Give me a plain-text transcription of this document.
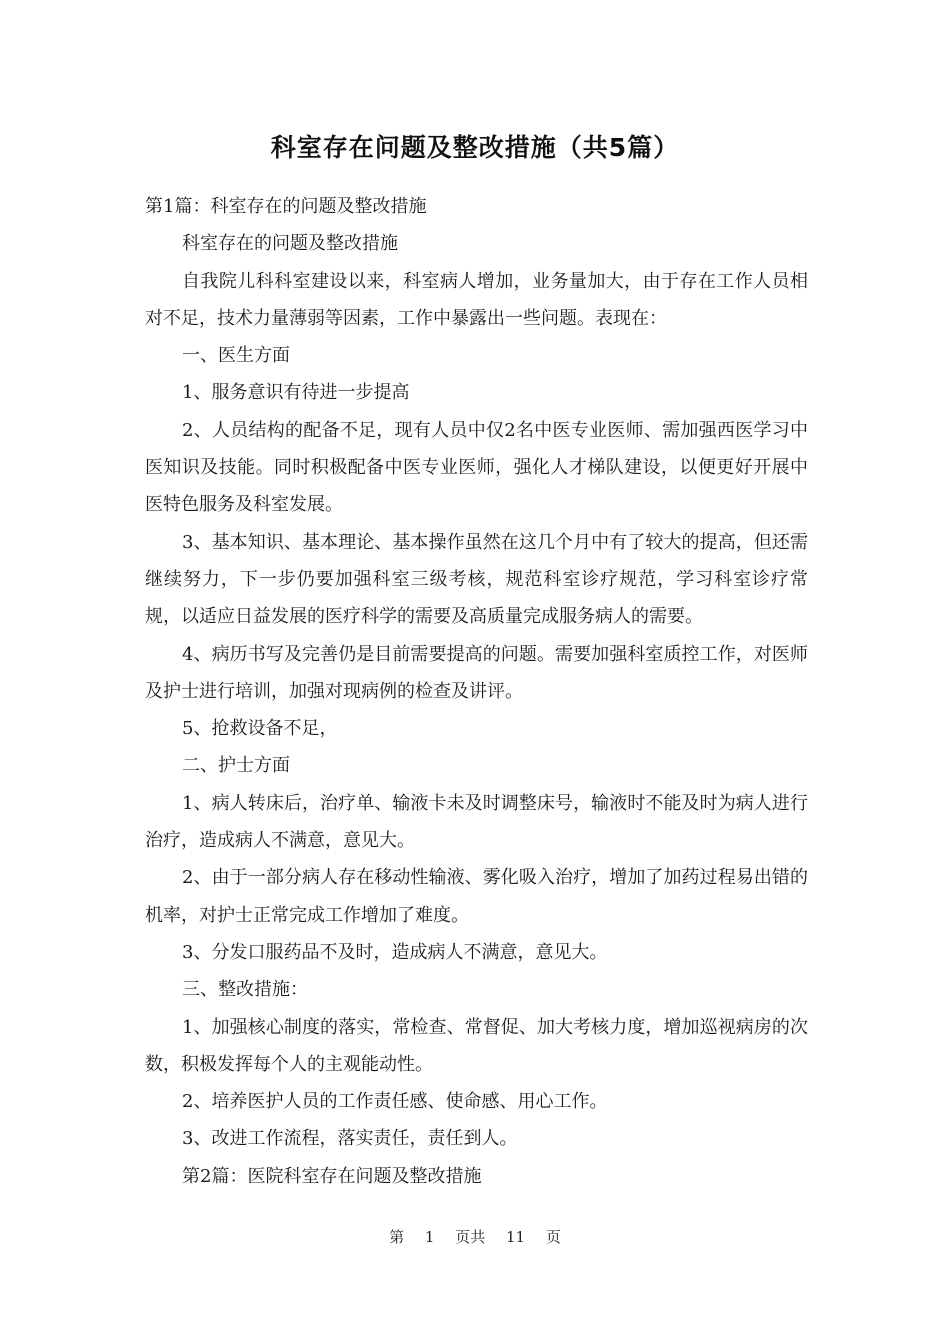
科室存在问题及整改措施（共5篇）

第1篇：科室存在的问题及整改措施

科室存在的问题及整改措施

自我院儿科科室建设以来，科室病人增加，业务量加大，由于存在工作人员相对不足，技术力量薄弱等因素，工作中暴露出一些问题。表现在：

一、医生方面

1、服务意识有待进一步提高

2、人员结构的配备不足，现有人员中仅2名中医专业医师、需加强西医学习中医知识及技能。同时积极配备中医专业医师，强化人才梯队建设，以便更好开展中医特色服务及科室发展。

3、基本知识、基本理论、基本操作虽然在这几个月中有了较大的提高，但还需继续努力，下一步仍要加强科室三级考核，规范科室诊疗规范，学习科室诊疗常规，以适应日益发展的医疗科学的需要及高质量完成服务病人的需要。

4、病历书写及完善仍是目前需要提高的问题。需要加强科室质控工作，对医师及护士进行培训，加强对现病例的检查及讲评。

5、抢救设备不足，

二、护士方面

1、病人转床后，治疗单、输液卡未及时调整床号，输液时不能及时为病人进行治疗，造成病人不满意，意见大。

2、由于一部分病人存在移动性输液、雾化吸入治疗，增加了加药过程易出错的机率，对护士正常完成工作增加了难度。

3、分发口服药品不及时，造成病人不满意，意见大。

三、整改措施：

1、加强核心制度的落实，常检查、常督促、加大考核力度，增加巡视病房的次数，积极发挥每个人的主观能动性。

2、培养医护人员的工作责任感、使命感、用心工作。

3、改进工作流程，落实责任，责任到人。

第2篇：医院科室存在问题及整改措施

第 1 页共 11 页
